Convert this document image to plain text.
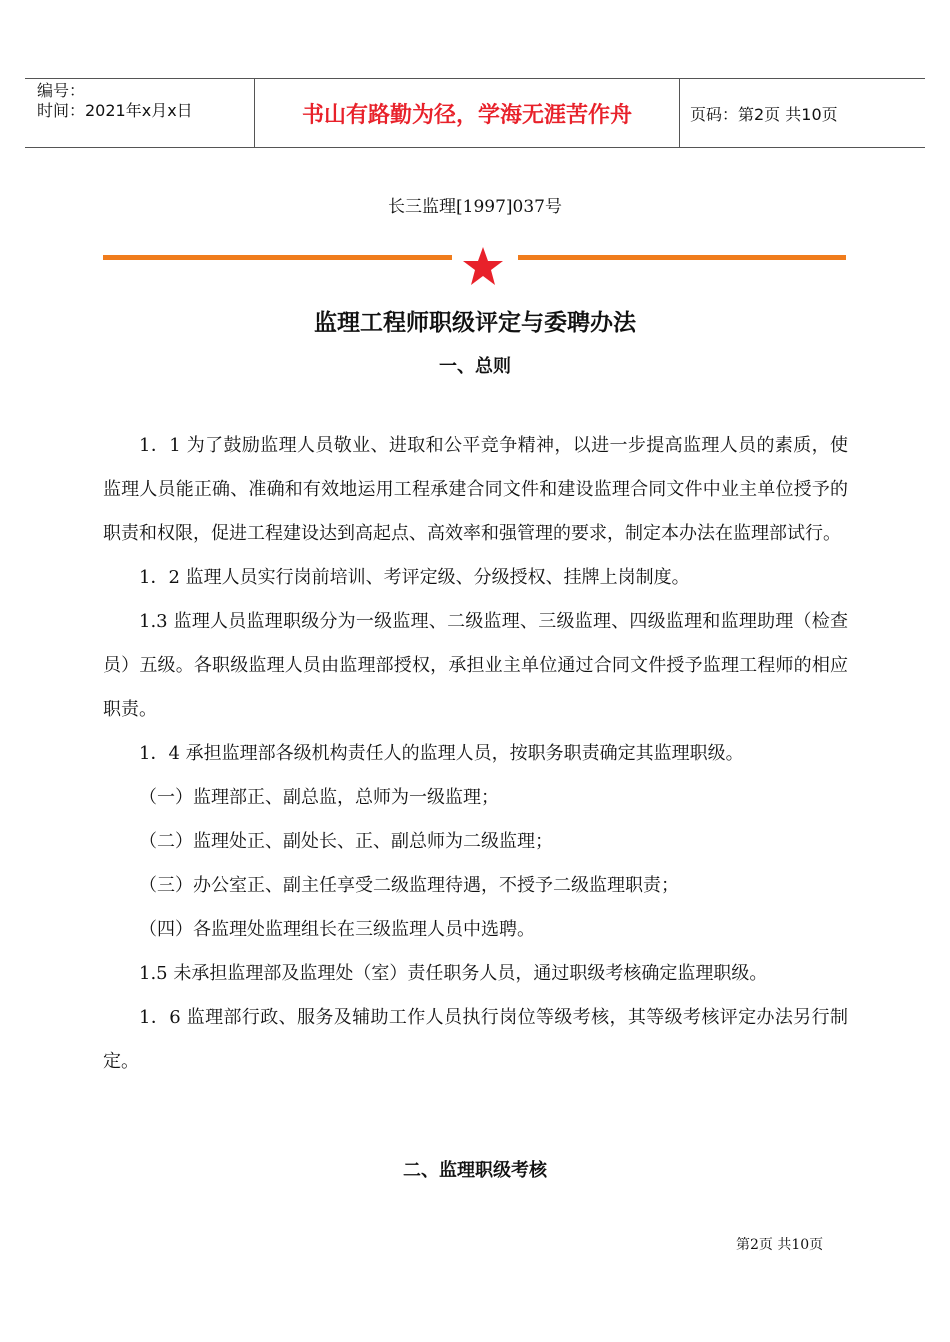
编号：
时间：2021年x月x日	书山有路勤为径，学海无涯苦作舟	页码：第2页 共10页
长三监理[1997]037号
监理工程师职级评定与委聘办法
一、总则

1．1 为了鼓励监理人员敬业、进取和公平竞争精神，以进一步提高监理人员的素质，使监理人员能正确、准确和有效地运用工程承建合同文件和建设监理合同文件中业主单位授予的职责和权限，促进工程建设达到高起点、高效率和强管理的要求，制定本办法在监理部试行。

1．2 监理人员实行岗前培训、考评定级、分级授权、挂牌上岗制度。

1.3 监理人员监理职级分为一级监理、二级监理、三级监理、四级监理和监理助理（检查员）五级。各职级监理人员由监理部授权，承担业主单位通过合同文件授予监理工程师的相应职责。

1．4 承担监理部各级机构责任人的监理人员，按职务职责确定其监理职级。

（一）监理部正、副总监，总师为一级监理；

（二）监理处正、副处长、正、副总师为二级监理；

（三）办公室正、副主任享受二级监理待遇，不授予二级监理职责；

（四）各监理处监理组长在三级监理人员中选聘。

1.5 未承担监理部及监理处（室）责任职务人员，通过职级考核确定监理职级。

1．6 监理部行政、服务及辅助工作人员执行岗位等级考核，其等级考核评定办法另行制定。

二、监理职级考核
第2页 共10页
